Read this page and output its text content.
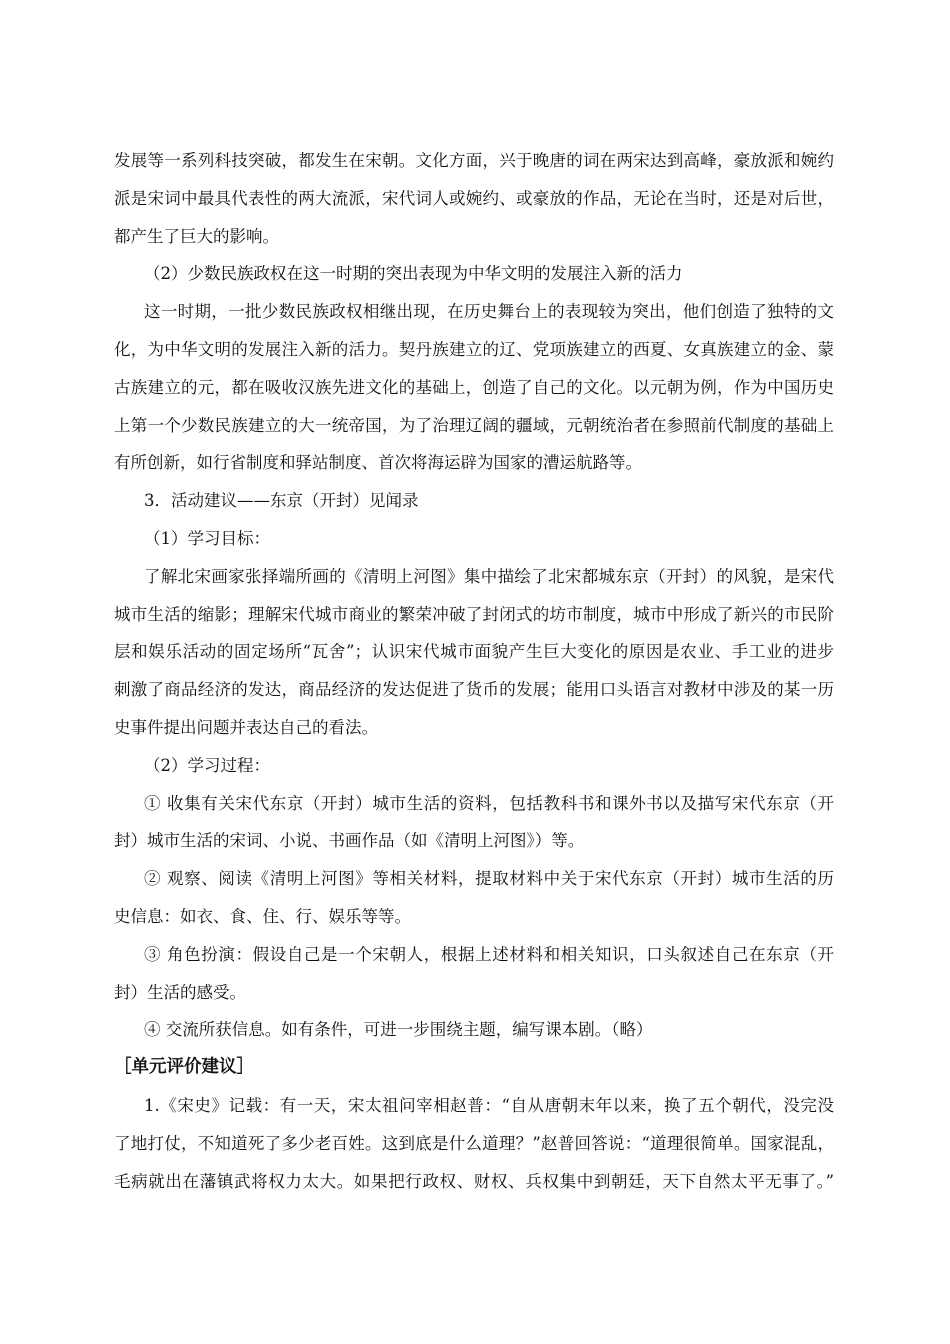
发展等一系列科技突破，都发生在宋朝。文化方面，兴于晚唐的词在两宋达到高峰，豪放派和婉约
派是宋词中最具代表性的两大流派，宋代词人或婉约、或豪放的作品，无论在当时，还是对后世，
都产生了巨大的影响。
（2）少数民族政权在这一时期的突出表现为中华文明的发展注入新的活力
这一时期，一批少数民族政权相继出现，在历史舞台上的表现较为突出，他们创造了独特的文
化，为中华文明的发展注入新的活力。契丹族建立的辽、党项族建立的西夏、女真族建立的金、蒙
古族建立的元，都在吸收汉族先进文化的基础上，创造了自己的文化。以元朝为例，作为中国历史
上第一个少数民族建立的大一统帝国，为了治理辽阔的疆域，元朝统治者在参照前代制度的基础上
有所创新，如行省制度和驿站制度、首次将海运辟为国家的漕运航路等。
3．活动建议——东京（开封）见闻录
（1）学习目标：
了解北宋画家张择端所画的《清明上河图》集中描绘了北宋都城东京（开封）的风貌，是宋代
城市生活的缩影；理解宋代城市商业的繁荣冲破了封闭式的坊市制度，城市中形成了新兴的市民阶
层和娱乐活动的固定场所“瓦舍”；认识宋代城市面貌产生巨大变化的原因是农业、手工业的进步
刺激了商品经济的发达，商品经济的发达促进了货币的发展；能用口头语言对教材中涉及的某一历
史事件提出问题并表达自己的看法。
（2）学习过程：
① 收集有关宋代东京（开封）城市生活的资料，包括教科书和课外书以及描写宋代东京（开
封）城市生活的宋词、小说、书画作品（如《清明上河图》）等。
② 观察、阅读《清明上河图》等相关材料，提取材料中关于宋代东京（开封）城市生活的历
史信息：如衣、食、住、行、娱乐等等。
③ 角色扮演：假设自己是一个宋朝人，根据上述材料和相关知识，口头叙述自己在东京（开
封）生活的感受。
④ 交流所获信息。如有条件，可进一步围绕主题，编写课本剧。（略）
［单元评价建议］
1.《宋史》记载：有一天，宋太祖问宰相赵普：“自从唐朝末年以来，换了五个朝代，没完没
了地打仗，不知道死了多少老百姓。这到底是什么道理？”赵普回答说：“道理很简单。国家混乱，
毛病就出在藩镇武将权力太大。如果把行政权、财权、兵权集中到朝廷，天下自然太平无事了。”
